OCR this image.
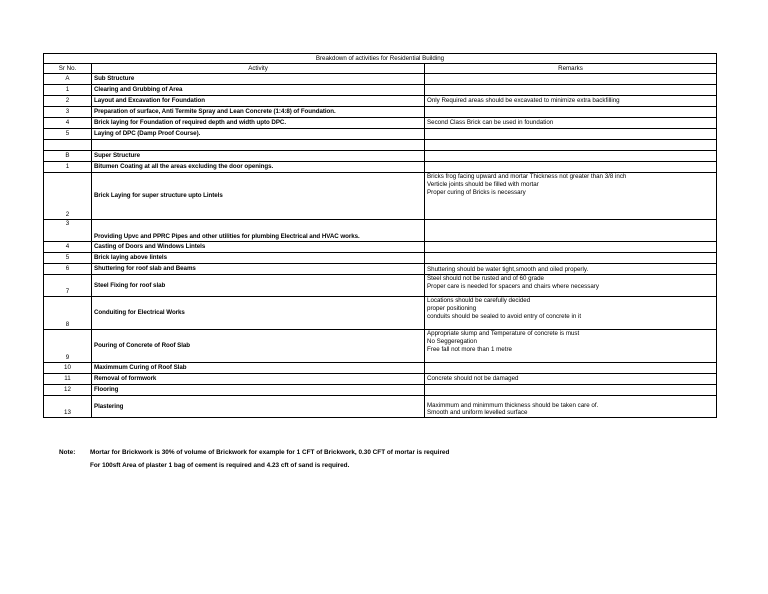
Breakdown of activities for Residential Building		
Sr No.	Activity	Remarks
A	Sub Structure	
1	Clearing and Grubbing of Area	
2	Layout and Excavation for Foundation	Only Required areas should be excavated to minimize extra backfilling

3	Preparation of surface, Anti Termite Spray and Lean Concrete (1:4:8) of Foundation.	
4	Brick laying for Foundation of required depth and width upto DPC.	Second Class Brick can be used in foundation

5	Laying of DPC (Damp Proof Course).	

B	Super Structure	
1	Bitumen Coating at all the areas excluding the door openings.	
2	Brick Laying for super structure upto Lintels	Bricks frog facing upward and mortar Thickness not greater than 3/8 inch
Verticle joints should be filled with mortar
Proper curing of Bricks is necessary

3	Providing Upvc and PPRC Pipes and other utilities for plumbing Electrical and HVAC works.	
4	Casting of Doors and Windows Lintels	
5	Brick laying above lintels	
6	Shuttering for roof slab and Beams	Shuttering should be water tight,smooth and oiled properly.

7	Steel Fixing for roof slab	Steel should not be rusted and of 60 grade
Proper care is needed for spacers and chairs where necessary

8	Conduiting for Electrical Works	Locations should be carefully decided
proper positioning
conduits should be sealed to avoid entry of concrete in it

9	Pouring of Concrete of Roof Slab	Appropriate slump and Temperature of concrete is must
No Seggeregation
Free fall not more than 1 metre

10	Maximmum Curing of Roof Slab	
11	Removal of formwork	Concrete should not be damaged

12	Flooring	
13	Plastering	Maximmum and minimmum thickness should be taken care of.
Smooth and uniform levelled surface
Note: Mortar for Brickwork is 30% of volume of Brickwork for example for 1 CFT of Brickwork, 0.30 CFT of mortar is required
For 100sft Area of plaster 1 bag of cement is required and 4.23 cft of sand is required.
